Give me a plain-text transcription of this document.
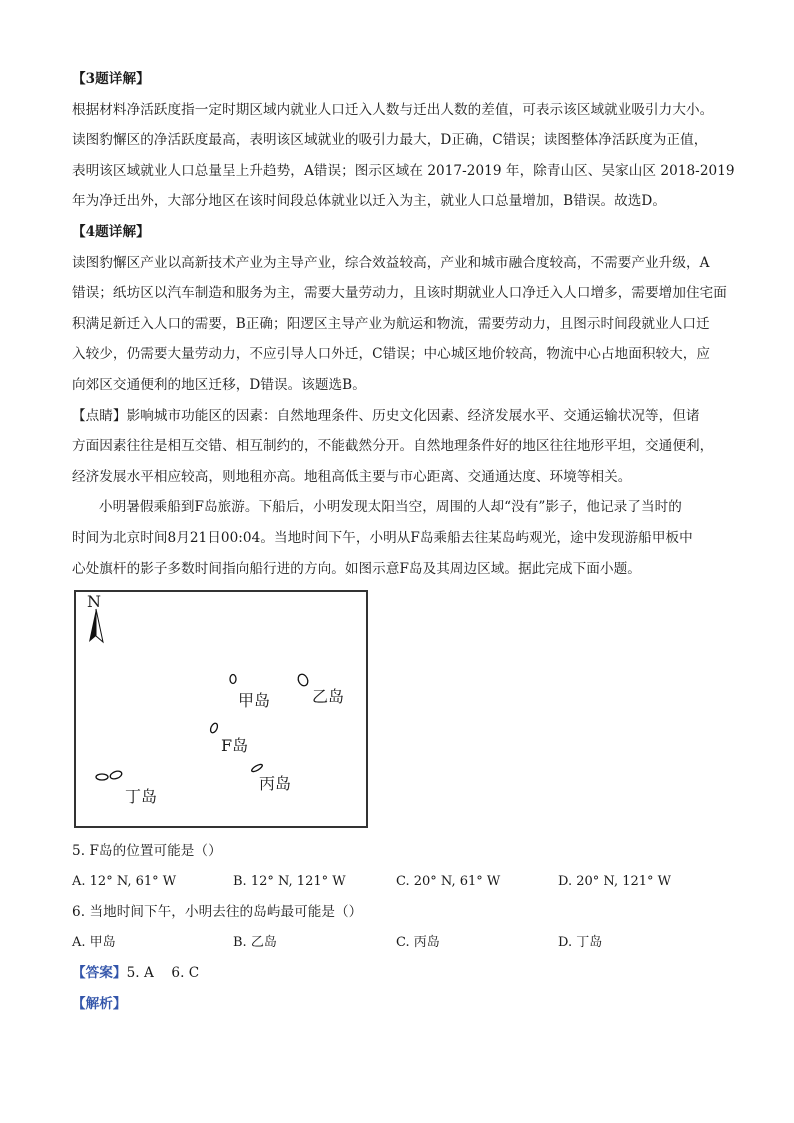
【3题详解】
根据材料净活跃度指一定时期区域内就业人口迁入人数与迁出人数的差值，可表示该区域就业吸引力大小。
读图豹懈区的净活跃度最高，表明该区域就业的吸引力最大，D正确，C错误；读图整体净活跃度为正值，
表明该区域就业人口总量呈上升趋势，A错误；图示区域在 2017-2019 年，除青山区、吴家山区 2018-2019
年为净迁出外，大部分地区在该时间段总体就业以迁入为主，就业人口总量增加，B错误。故选D。
【4题详解】
读图豹懈区产业以高新技术产业为主导产业，综合效益较高，产业和城市融合度较高，不需要产业升级，A
错误；纸坊区以汽车制造和服务为主，需要大量劳动力，且该时期就业人口净迁入人口增多，需要增加住宅面
积满足新迁入人口的需要，B正确；阳逻区主导产业为航运和物流，需要劳动力，且图示时间段就业人口迁
入较少，仍需要大量劳动力，不应引导人口外迁，C错误；中心城区地价较高，物流中心占地面积较大，应
向郊区交通便利的地区迁移，D错误。该题选B。
【点睛】影响城市功能区的因素：自然地理条件、历史文化因素、经济发展水平、交通运输状况等，但诸
方面因素往往是相互交错、相互制约的，不能截然分开。自然地理条件好的地区往往地形平坦，交通便利，
经济发展水平相应较高，则地租亦高。地租高低主要与市心距离、交通通达度、环境等相关。
小明暑假乘船到F岛旅游。下船后，小明发现太阳当空，周围的人却“没有”影子，他记录了当时的
时间为北京时间8月21日00:04。当地时间下午，小明从F岛乘船去往某岛屿观光，途中发现游船甲板中
心处旗杆的影子多数时间指向船行进的方向。如图示意F岛及其周边区域。据此完成下面小题。
N
甲岛	乙岛
F岛
丙岛
丁岛
5. F岛的位置可能是（）
A. 12° N, 61° W	B. 12° N, 121° W	C. 20° N, 61° W	D. 20° N, 121° W
6. 当地时间下午，小明去往的岛屿最可能是（）
A. 甲岛	B. 乙岛	C. 丙岛	D. 丁岛
【答案】5. A    6. C
【解析】
